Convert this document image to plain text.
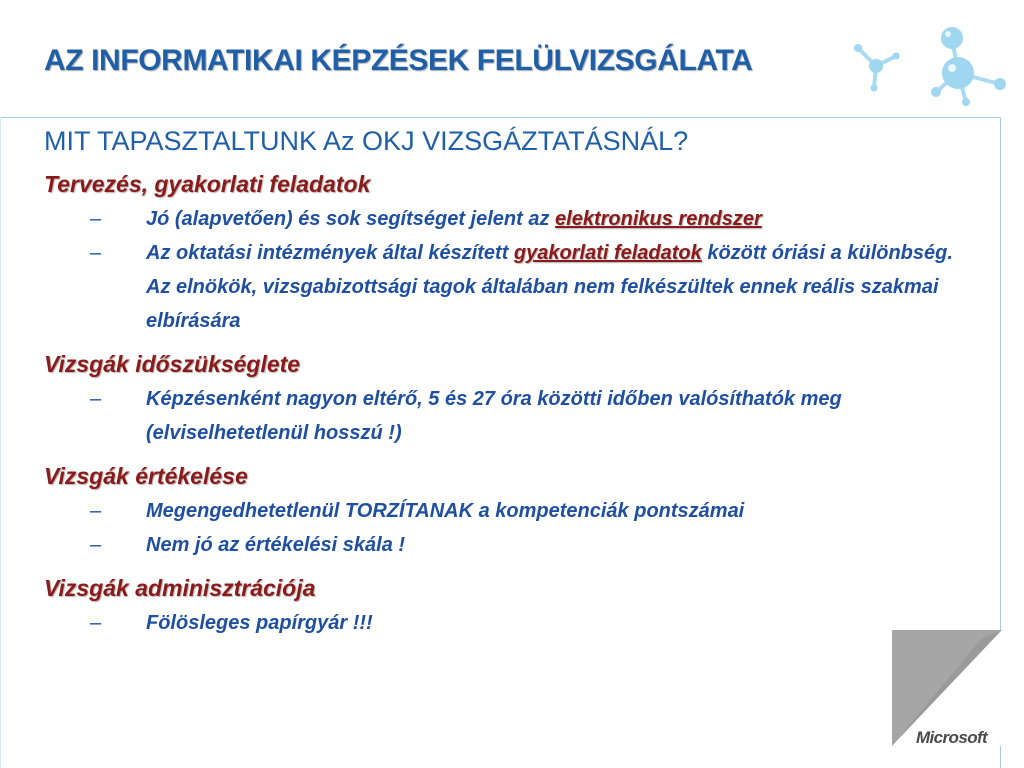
AZ INFORMATIKAI KÉPZÉSEK FELÜLVIZSGÁLATA
MIT TAPASZTALTUNK Az OKJ VIZSGÁZTATÁSNÁL?
Tervezés, gyakorlati feladatok
– Jó (alapvetően) és sok segítséget jelent az elektronikus rendszer
– Az oktatási intézmények által készített gyakorlati feladatok között óriási a különbség. Az elnökök, vizsgabizottsági tagok általában nem felkészültek ennek reális szakmai elbírására
Vizsgák időszükséglete
– Képzésenként nagyon eltérő, 5 és 27 óra közötti időben valósíthatók meg (elviselhetetlenül hosszú !)
Vizsgák értékelése
– Megengedhetetlenül TORZÍTANAK a kompetenciák pontszámai
– Nem jó az értékelési skála !
Vizsgák adminisztrációja
– Fölösleges papírgyár !!!
Microsoft
